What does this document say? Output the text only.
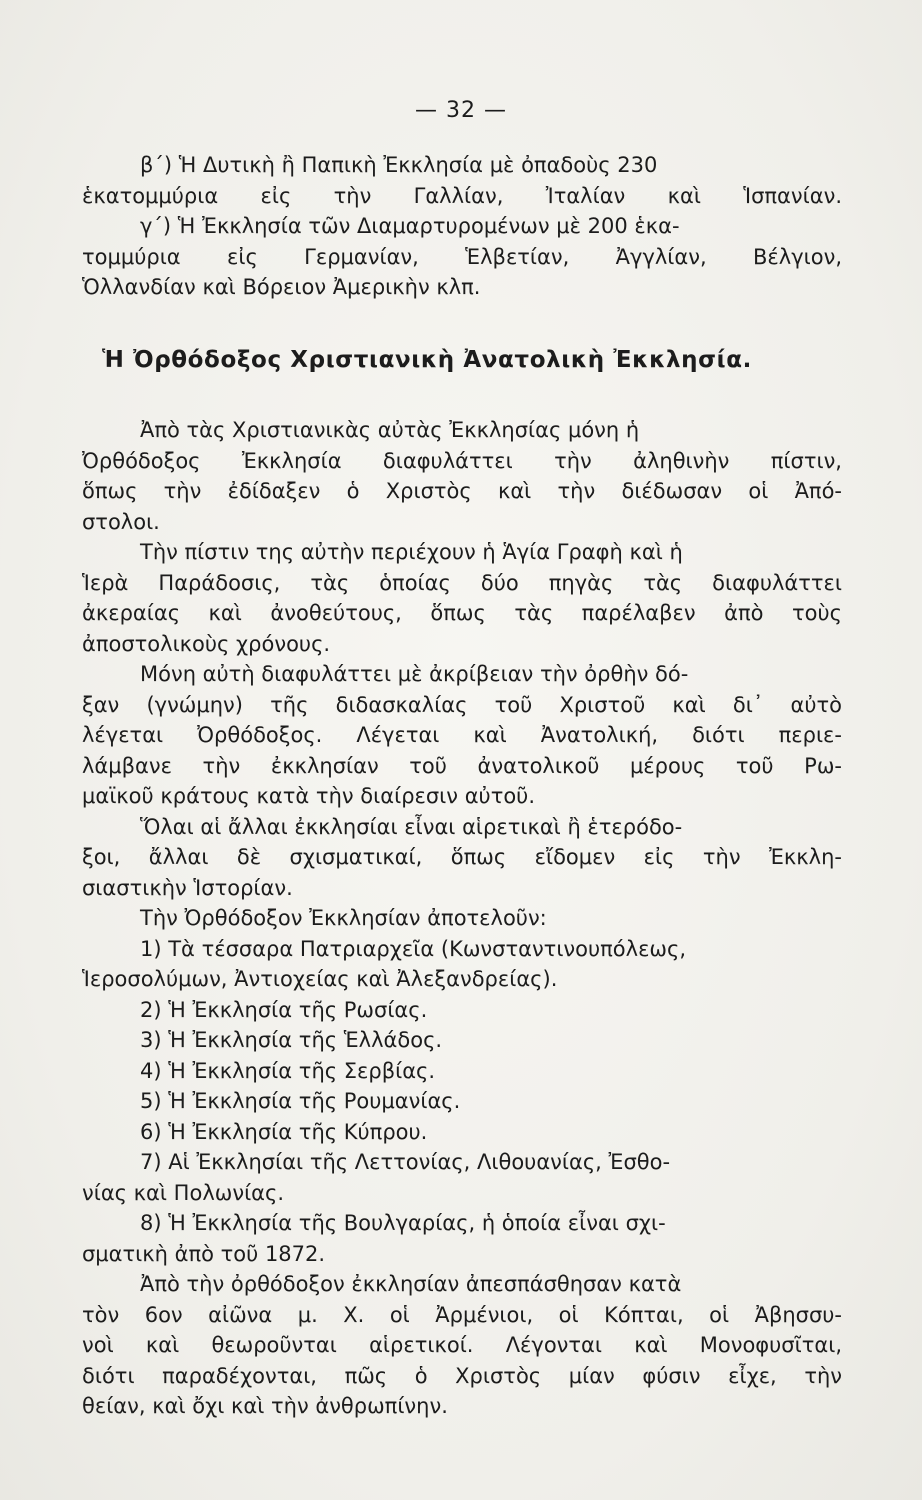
— 32 —
β΄) Ἡ Δυτικὴ ἢ Παπικὴ Ἐκκλησία μὲ ὀπαδοὺς 230
ἑκατομμύρια εἰς τὴν Γαλλίαν, Ἰταλίαν καὶ Ἱσπανίαν.
γ΄) Ἡ Ἐκκλησία τῶν Διαμαρτυρομένων μὲ 200 ἑκα-
τομμύρια εἰς Γερμανίαν, Ἑλβετίαν, Ἀγγλίαν, Βέλγιον,
Ὁλλανδίαν καὶ Βόρειον Ἀμερικὴν κλπ.
Ἡ Ὀρθόδοξος Χριστιανικὴ Ἀνατολικὴ Ἐκκλησία.
Ἀπὸ τὰς Χριστιανικὰς αὐτὰς Ἐκκλησίας μόνη ἡ
Ὀρθόδοξος Ἐκκλησία διαφυλάττει τὴν ἀληθινὴν πίστιν,
ὅπως τὴν ἐδίδαξεν ὁ Χριστὸς καὶ τὴν διέδωσαν οἱ Ἀπό-
στολοι.
Τὴν πίστιν της αὐτὴν περιέχουν ἡ Ἁγία Γραφὴ καὶ ἡ
Ἱερὰ Παράδοσις, τὰς ὁποίας δύο πηγὰς τὰς διαφυλάττει
ἀκεραίας καὶ ἀνοθεύτους, ὅπως τὰς παρέλαβεν ἀπὸ τοὺς
ἀποστολικοὺς χρόνους.
Μόνη αὐτὴ διαφυλάττει μὲ ἀκρίβειαν τὴν ὀρθὴν δό-
ξαν (γνώμην) τῆς διδασκαλίας τοῦ Χριστοῦ καὶ δι᾽ αὐτὸ
λέγεται Ὀρθόδοξος. Λέγεται καὶ Ἀνατολική, διότι περιε-
λάμβανε τὴν ἐκκλησίαν τοῦ ἀνατολικοῦ μέρους τοῦ Ρω-
μαϊκοῦ κράτους κατὰ τὴν διαίρεσιν αὐτοῦ.
Ὅλαι αἱ ἄλλαι ἐκκλησίαι εἶναι αἱρετικαὶ ἢ ἑτερόδο-
ξοι, ἄλλαι δὲ σχισματικαί, ὅπως εἴδομεν εἰς τὴν Ἐκκλη-
σιαστικὴν Ἱστορίαν.
Τὴν Ὀρθόδοξον Ἐκκλησίαν ἀποτελοῦν:
1) Τὰ τέσσαρα Πατριαρχεῖα (Κωνσταντινουπόλεως,
Ἱεροσολύμων, Ἀντιοχείας καὶ Ἀλεξανδρείας).
2) Ἡ Ἐκκλησία τῆς Ρωσίας.
3) Ἡ Ἐκκλησία τῆς Ἑλλάδος.
4) Ἡ Ἐκκλησία τῆς Σερβίας.
5) Ἡ Ἐκκλησία τῆς Ρουμανίας.
6) Ἡ Ἐκκλησία τῆς Κύπρου.
7) Αἱ Ἐκκλησίαι τῆς Λεττονίας, Λιθουανίας, Ἐσθο-
νίας καὶ Πολωνίας.
8) Ἡ Ἐκκλησία τῆς Βουλγαρίας, ἡ ὁποία εἶναι σχι-
σματικὴ ἀπὸ τοῦ 1872.
Ἀπὸ τὴν ὀρθόδοξον ἐκκλησίαν ἀπεσπάσθησαν κατὰ
τὸν 6ον αἰῶνα μ. Χ. οἱ Ἀρμένιοι, οἱ Κόπται, οἱ Ἀβησσυ-
νοὶ καὶ θεωροῦνται αἱρετικοί. Λέγονται καὶ Μονοφυσῖται,
διότι παραδέχονται, πῶς ὁ Χριστὸς μίαν φύσιν εἶχε, τὴν
θείαν, καὶ ὄχι καὶ τὴν ἀνθρωπίνην.
